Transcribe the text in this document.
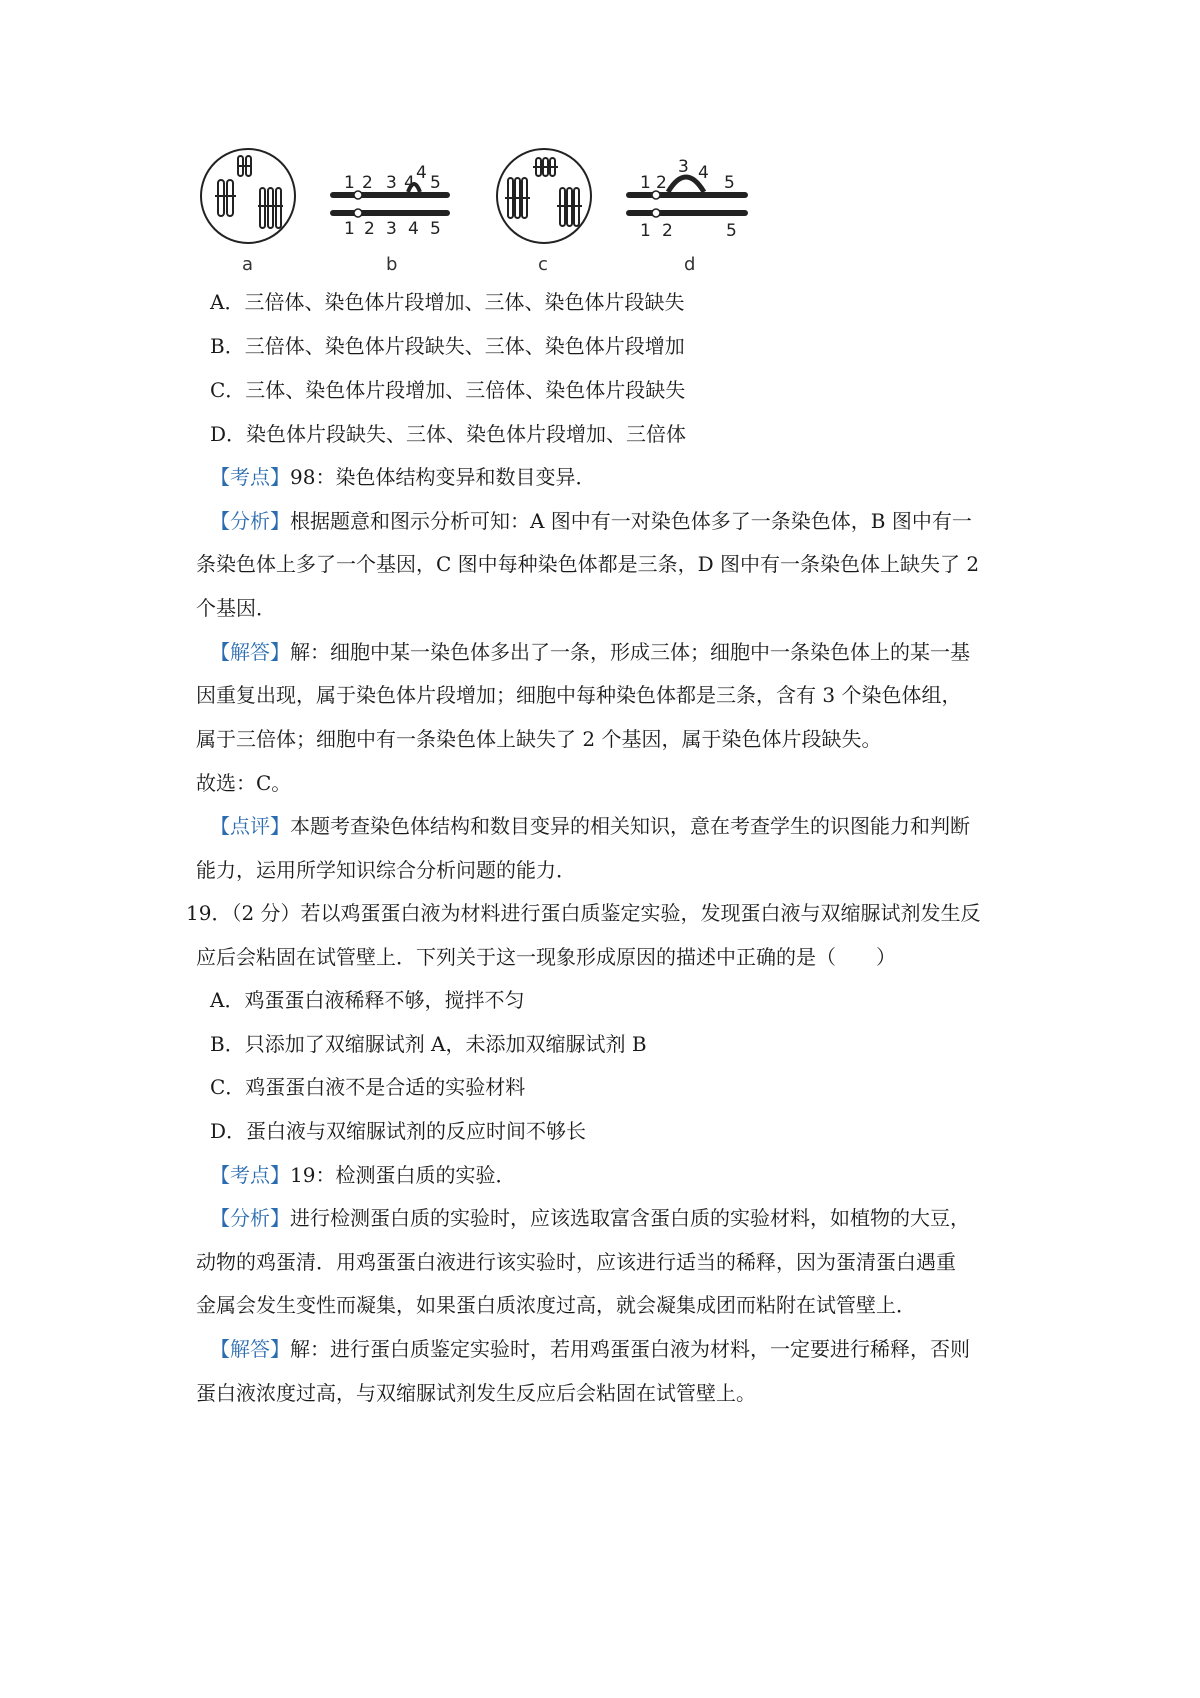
1 2 3 4 4 5
1 2 3 4 5
1 2
3 4 5
1 2	5
a	b	c	d
A．三倍体、染色体片段增加、三体、染色体片段缺失
B．三倍体、染色体片段缺失、三体、染色体片段增加
C．三体、染色体片段增加、三倍体、染色体片段缺失
D．染色体片段缺失、三体、染色体片段增加、三倍体
【考点】98：染色体结构变异和数目变异．
【分析】根据题意和图示分析可知：A 图中有一对染色体多了一条染色体，B 图中有一
条染色体上多了一个基因，C 图中每种染色体都是三条，D 图中有一条染色体上缺失了 2
个基因．
【解答】解：细胞中某一染色体多出了一条，形成三体；细胞中一条染色体上的某一基
因重复出现，属于染色体片段增加；细胞中每种染色体都是三条，含有 3 个染色体组，
属于三倍体；细胞中有一条染色体上缺失了 2 个基因，属于染色体片段缺失。
故选：C。
【点评】本题考查染色体结构和数目变异的相关知识，意在考查学生的识图能力和判断
能力，运用所学知识综合分析问题的能力．
19．（2 分）若以鸡蛋蛋白液为材料进行蛋白质鉴定实验，发现蛋白液与双缩脲试剂发生反
应后会粘固在试管壁上．下列关于这一现象形成原因的描述中正确的是（　　）
A．鸡蛋蛋白液稀释不够，搅拌不匀
B．只添加了双缩脲试剂 A，未添加双缩脲试剂 B
C．鸡蛋蛋白液不是合适的实验材料
D．蛋白液与双缩脲试剂的反应时间不够长
【考点】19：检测蛋白质的实验．
【分析】进行检测蛋白质的实验时，应该选取富含蛋白质的实验材料，如植物的大豆，
动物的鸡蛋清．用鸡蛋蛋白液进行该实验时，应该进行适当的稀释，因为蛋清蛋白遇重
金属会发生变性而凝集，如果蛋白质浓度过高，就会凝集成团而粘附在试管壁上．
【解答】解：进行蛋白质鉴定实验时，若用鸡蛋蛋白液为材料，一定要进行稀释，否则
蛋白液浓度过高，与双缩脲试剂发生反应后会粘固在试管壁上。
